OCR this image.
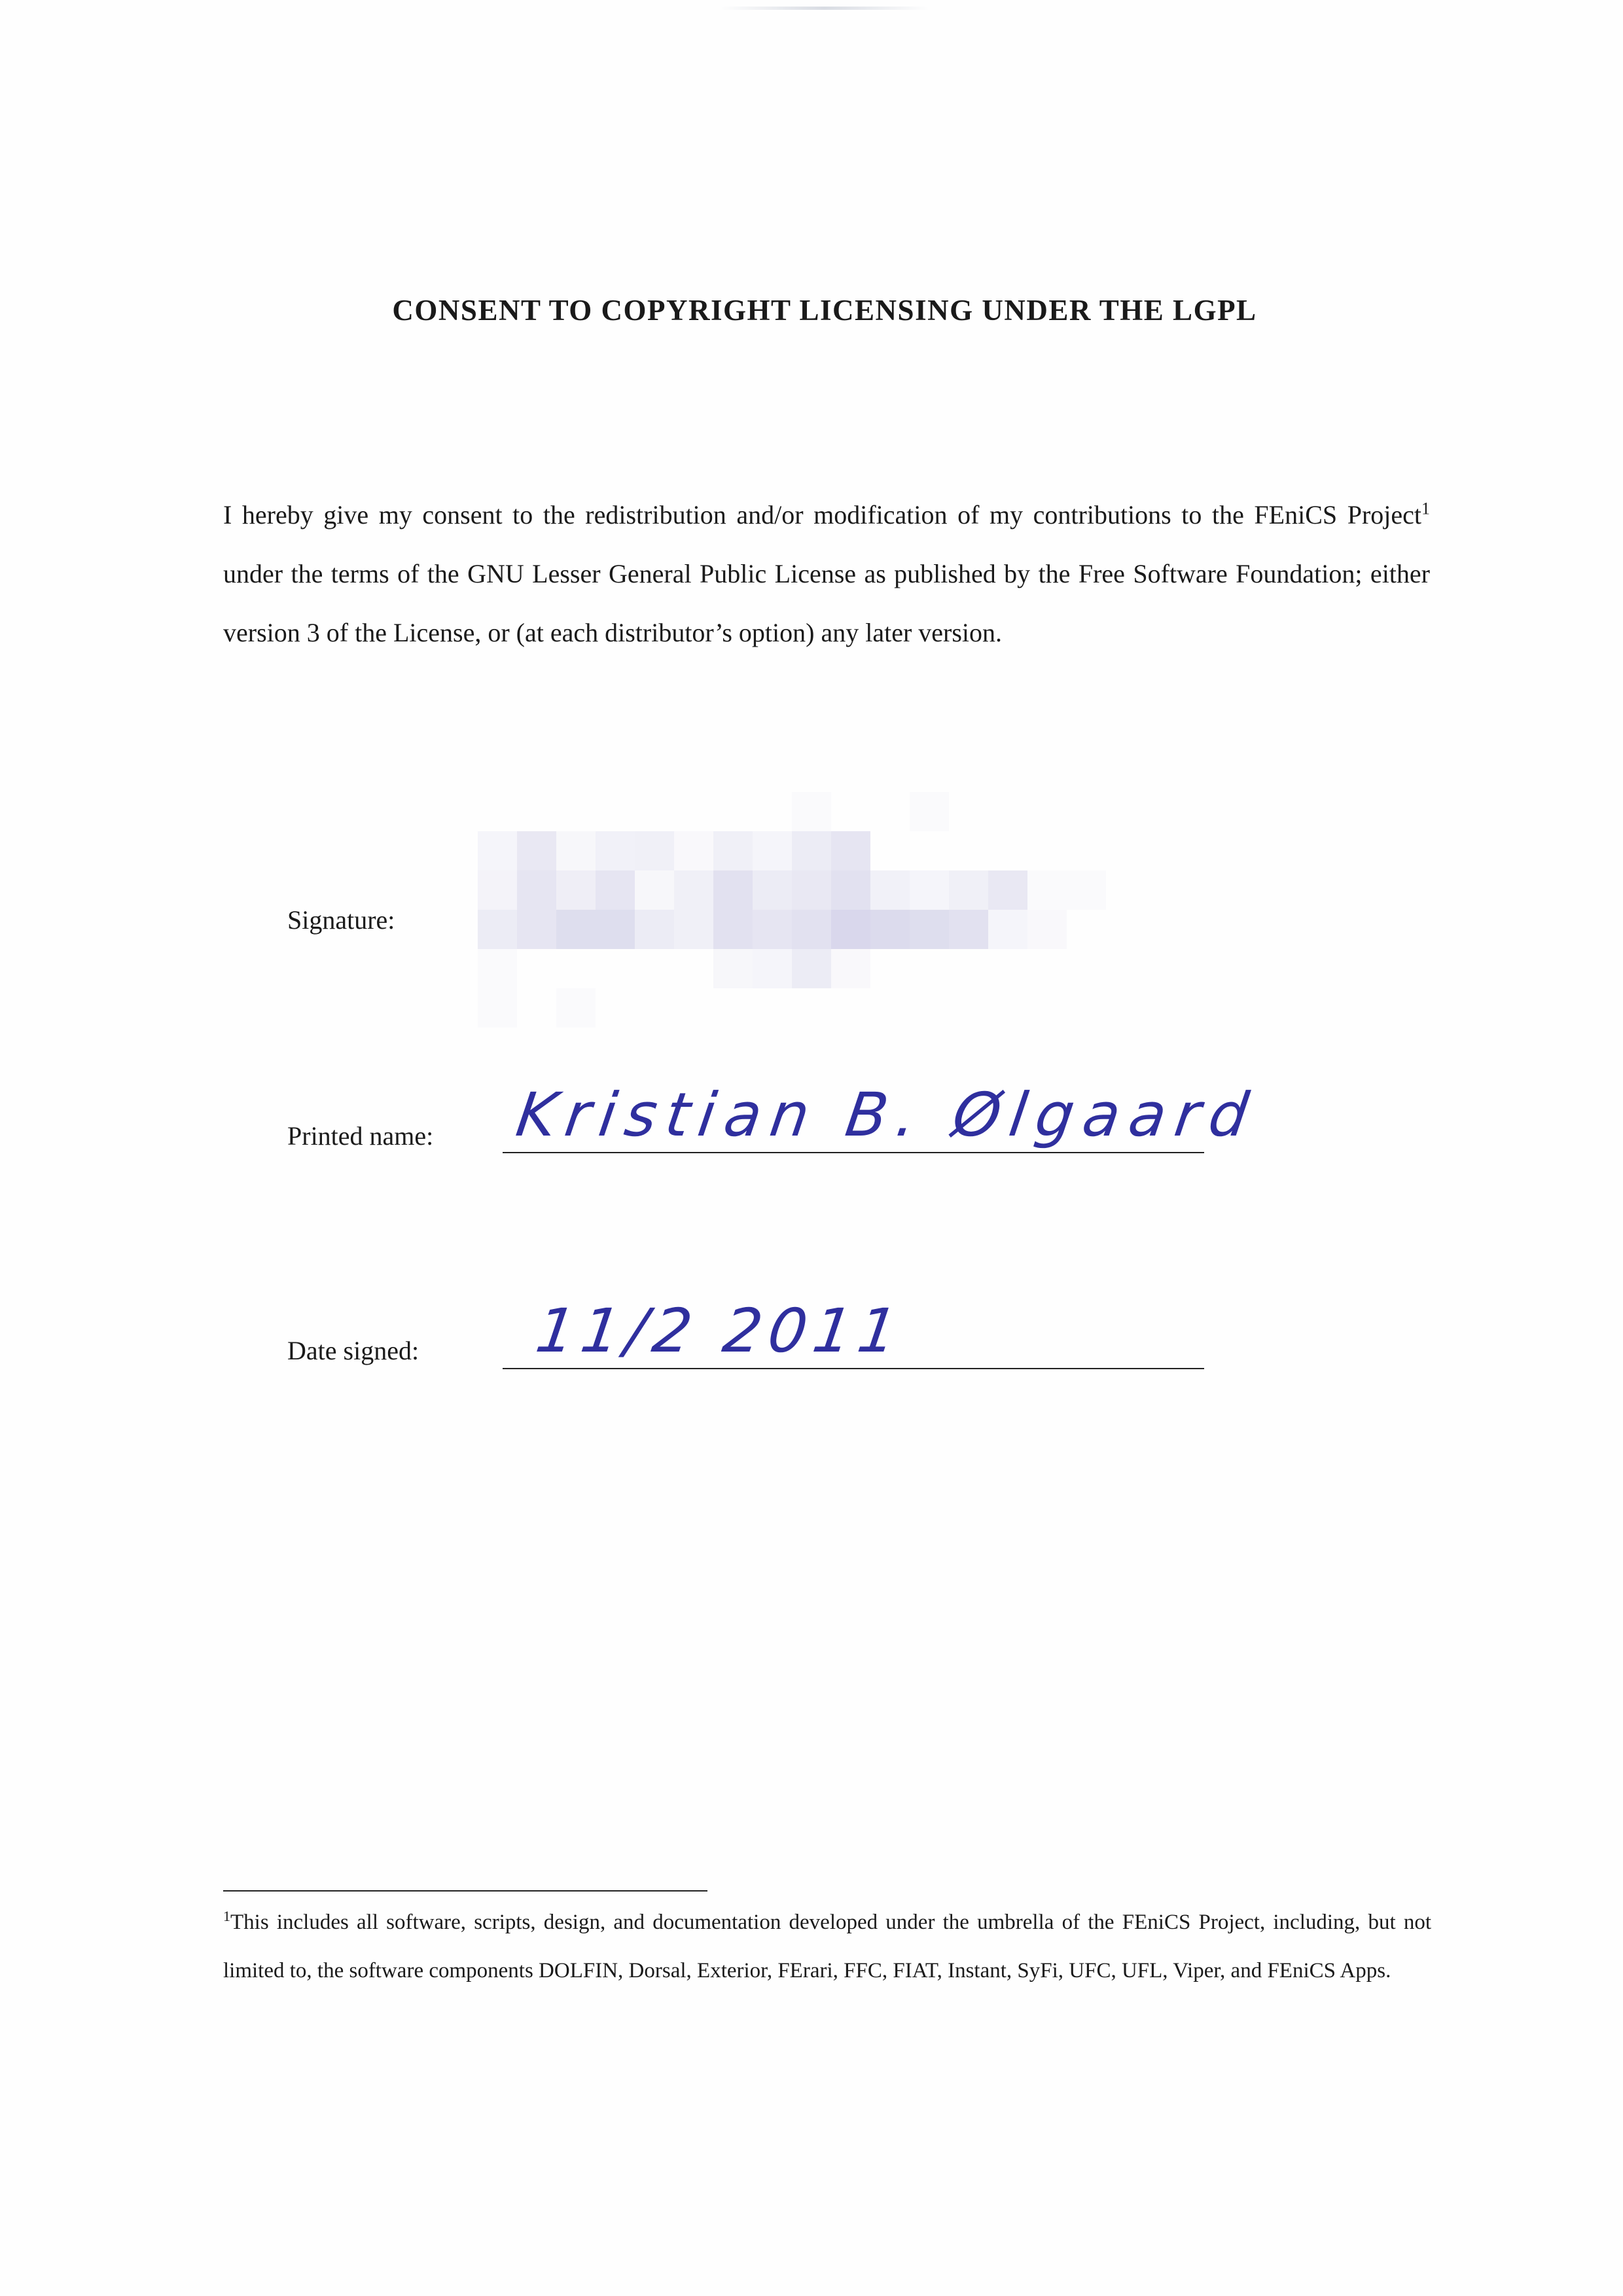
CONSENT TO COPYRIGHT LICENSING UNDER THE LGPL
I hereby give my consent to the redistribution and/or modification of my contributions to the FEniCS Project$^1$ under the terms of the GNU Lesser General Public License as published by the Free Software Foundation; either version 3 of the License, or (at each distributor’s option) any later version.
Signature:
Printed name: Kristian B. Ølgaard
Date signed: 11/2 2011
$^1$This includes all software, scripts, design, and documentation developed under the umbrella of the FEniCS Project, including, but not limited to, the software components DOLFIN, Dorsal, Exterior, FErari, FFC, FIAT, Instant, SyFi, UFC, UFL, Viper, and FEniCS Apps.
